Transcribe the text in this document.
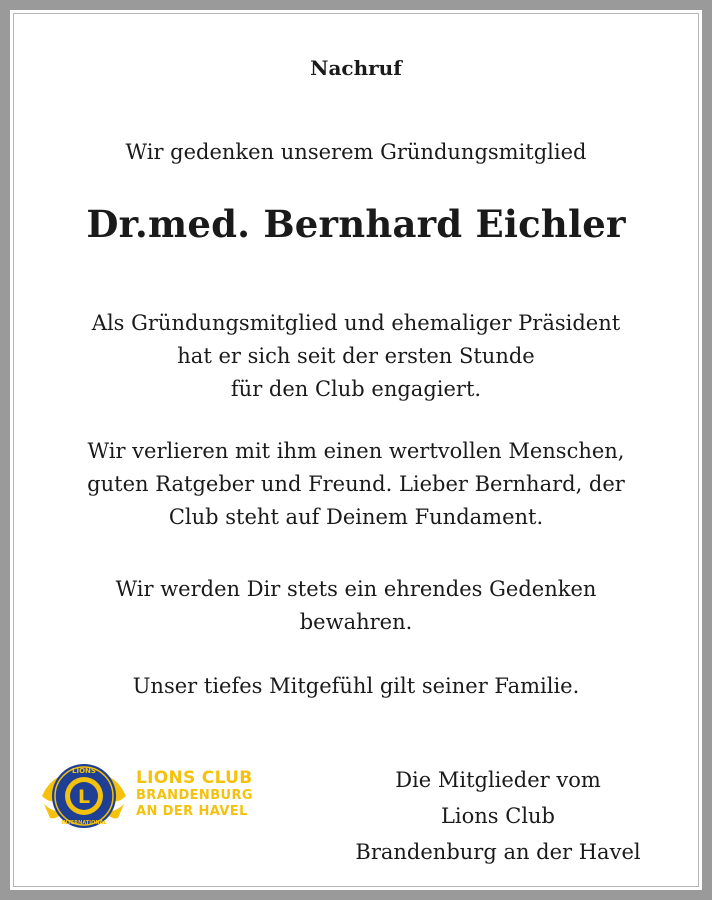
Nachruf
Wir gedenken unserem Gründungsmitglied
Dr.med. Bernhard Eichler
Als Gründungsmitglied und ehemaliger Präsident
hat er sich seit der ersten Stunde
für den Club engagiert.
Wir verlieren mit ihm einen wertvollen Menschen,
guten Ratgeber und Freund. Lieber Bernhard, der
Club steht auf Deinem Fundament.
Wir werden Dir stets ein ehrendes Gedenken
bewahren.
Unser tiefes Mitgefühl gilt seiner Familie.
L
LIONS
INTERNATIONAL
LIONS CLUB
BRANDENBURG
AN DER HAVEL
Die Mitglieder vom
Lions Club
Brandenburg an der Havel
